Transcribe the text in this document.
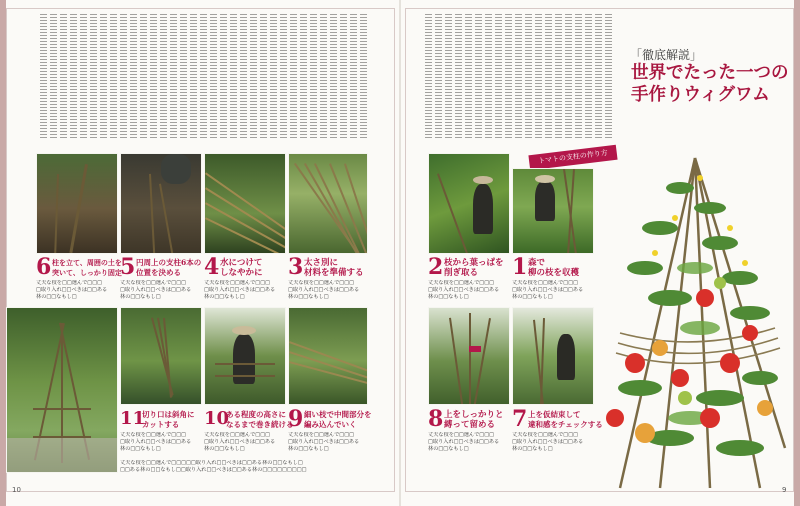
「徹底解説」
世界でたった一つの手作りウィグワム
トマトの支柱の作り方
1 森で
柳の枝を収穫
丈夫な枝を□□選んで□□□
□取り入れ□□べきは□□ある
林の□□なもし□
2 枝から葉っぱを
削ぎ取る
丈夫な枝を□□選んで□□□
□取り入れ□□べきは□□ある
林の□□なもし□
3 太さ別に
材料を準備する
丈夫な枝を□□選んで□□□
□取り入れ□□べきは□□ある
林の□□なもし□
4 水につけて
しなやかに
丈夫な枝を□□選んで□□□
□取り入れ□□べきは□□ある
林の□□なもし□
5 円周上の支柱6本の
位置を決める
丈夫な枝を□□選んで□□□
□取り入れ□□べきは□□ある
林の□□なもし□
6 柱を立て、周囲の土を
突いて、しっかり固定
丈夫な枝を□□選んで□□□
□取り入れ□□べきは□□ある
林の□□なもし□
7 上を仮結束して
違和感をチェックする
丈夫な枝を□□選んで□□□
□取り入れ□□べきは□□ある
林の□□なもし□
8 上をしっかりと
縛って留める
丈夫な枝を□□選んで□□□
□取り入れ□□べきは□□ある
林の□□なもし□
9 細い枝で中間部分を
編み込んでいく
丈夫な枝を□□選んで□□□
□取り入れ□□べきは□□ある
林の□□なもし□
10
ある程度の高さに
なるまで巻き続ける
丈夫な枝を□□選んで□□□
□取り入れ□□べきは□□ある
林の□□なもし□
11
切り口は斜角に
カットする
丈夫な枝を□□選んで□□□
□取り入れ□□べきは□□ある
林の□□なもし□
丈夫な枝を□□選んで□□□□□取り入れ□□べきは□□ある林の□□なもし□
□□ある林の□□なもし□□取り入れ□□べきは□□ある林の□□□□□□□□□
10	9
